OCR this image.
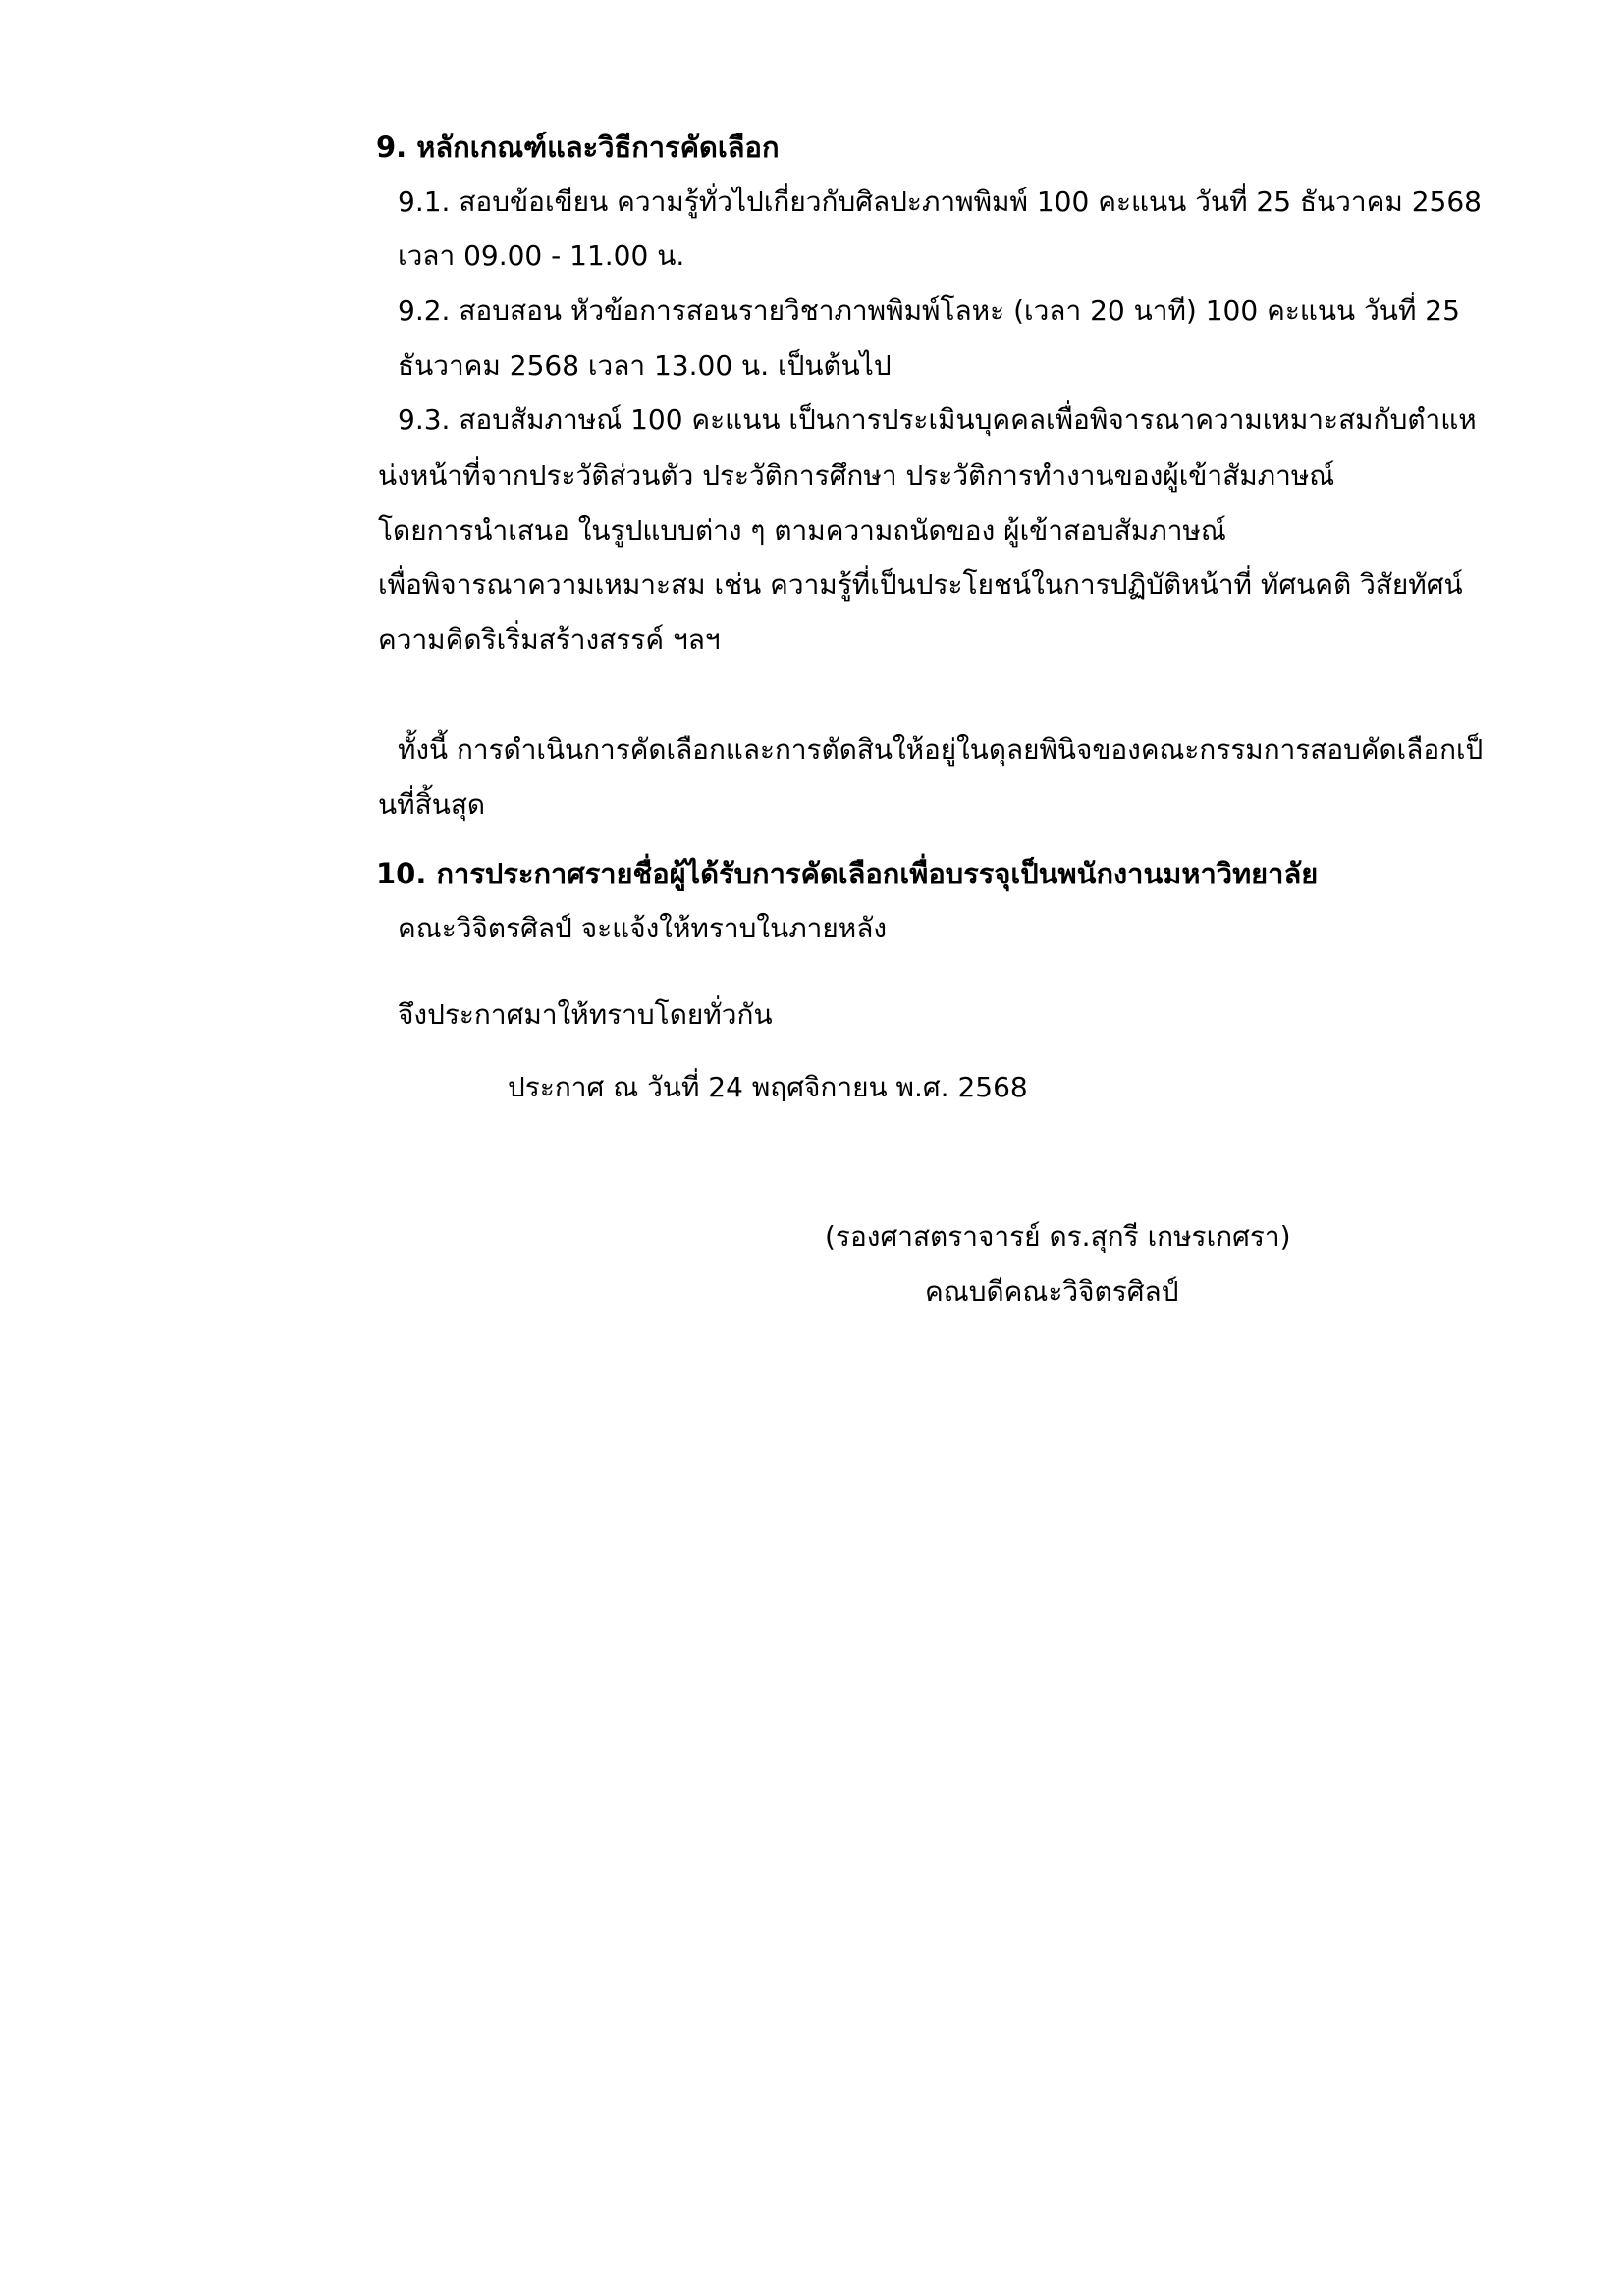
9. หลักเกณฑ์และวิธีการคัดเลือก
9.1. สอบข้อเขียน ความรู้ทั่วไปเกี่ยวกับศิลปะภาพพิมพ์ 100 คะแนน วันที่ 25 ธันวาคม 2568
เวลา 09.00 - 11.00 น.
9.2. สอบสอน หัวข้อการสอนรายวิชาภาพพิมพ์โลหะ (เวลา 20 นาที) 100 คะแนน วันที่ 25
ธันวาคม 2568 เวลา 13.00 น. เป็นต้นไป
9.3. สอบสัมภาษณ์ 100 คะแนน เป็นการประเมินบุคคลเพื่อพิจารณาความเหมาะสมกับตำแห
น่งหน้าที่จากประวัติส่วนตัว ประวัติการศึกษา ประวัติการทำงานของผู้เข้าสัมภาษณ์
โดยการนำเสนอ ในรูปแบบต่าง ๆ ตามความถนัดของ ผู้เข้าสอบสัมภาษณ์
เพื่อพิจารณาความเหมาะสม เช่น ความรู้ที่เป็นประโยชน์ในการปฏิบัติหน้าที่ ทัศนคติ วิสัยทัศน์
ความคิดริเริ่มสร้างสรรค์ ฯลฯ
ทั้งนี้ การดำเนินการคัดเลือกและการตัดสินให้อยู่ในดุลยพินิจของคณะกรรมการสอบคัดเลือกเป็
นที่สิ้นสุด
10. การประกาศรายชื่อผู้ได้รับการคัดเลือกเพื่อบรรจุเป็นพนักงานมหาวิทยาลัย
คณะวิจิตรศิลป์ จะแจ้งให้ทราบในภายหลัง
จึงประกาศมาให้ทราบโดยทั่วกัน
ประกาศ ณ วันที่ 24 พฤศจิกายน พ.ศ. 2568
(รองศาสตราจารย์ ดร.สุกรี เกษรเกศรา)
คณบดีคณะวิจิตรศิลป์
